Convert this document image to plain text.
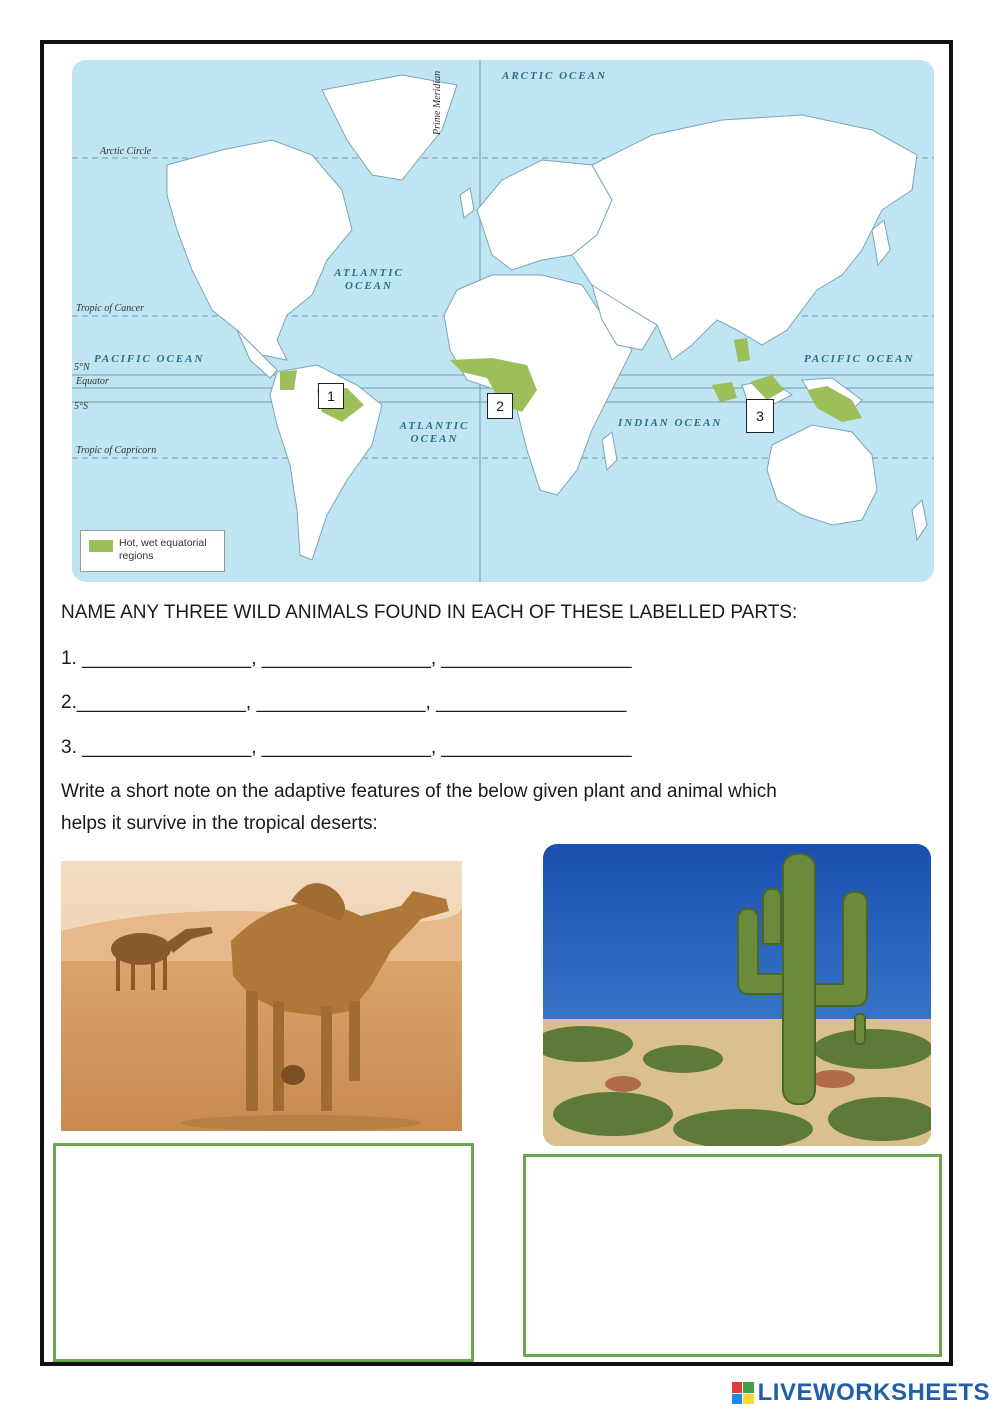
ARCTIC OCEAN
ATLANTIC OCEAN
PACIFIC OCEAN	PACIFIC OCEAN
ATLANTIC OCEAN
INDIAN OCEAN
Arctic Circle
Tropic of Cancer
5°N
Equator
5°S
Tropic of Capricorn
Prime Meridian
1
2
3
Hot, wet equatorial regions
NAME ANY THREE WILD ANIMALS FOUND IN EACH OF THESE LABELLED PARTS:
1. ________________, ________________, __________________
2.________________, ________________, __________________
3. ________________, ________________, __________________
Write a short note on the adaptive features of the below given plant and animal which
helps it survive in the tropical deserts:
LIVEWORKSHEETS
